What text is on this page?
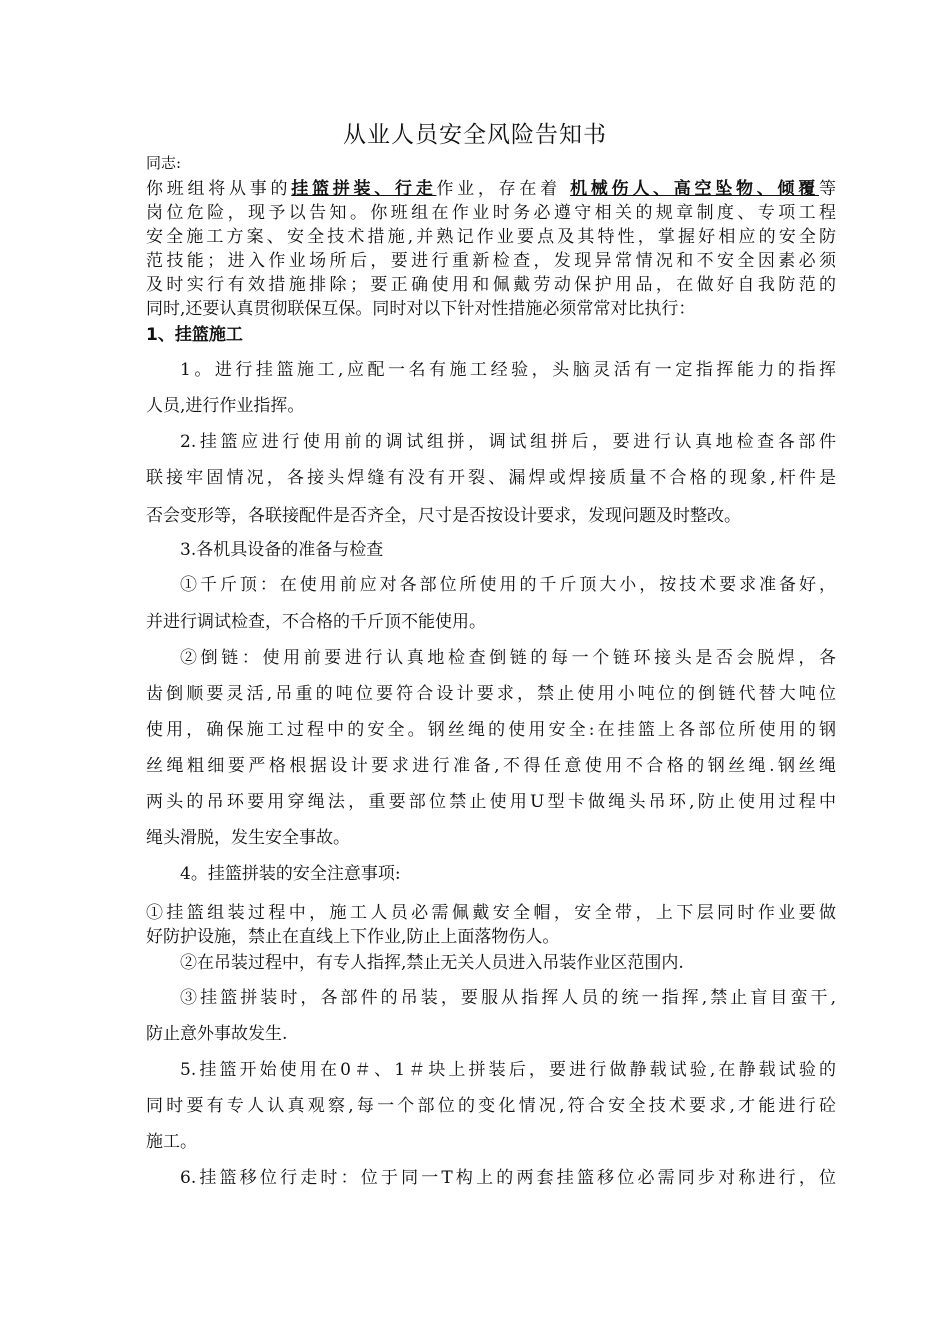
从业人员安全风险告知书

同志:

你班组将从事的挂篮拼装、行走作业，存在着 机械伤人、高空坠物、倾覆等

岗位危险，现予以告知。你班组在作业时务必遵守相关的规章制度、专项工程

安全施工方案、安全技术措施,并熟记作业要点及其特性，掌握好相应的安全防

范技能；进入作业场所后，要进行重新检查，发现异常情况和不安全因素必须

及时实行有效措施排除；要正确使用和佩戴劳动保护用品，在做好自我防范的

同时,还要认真贯彻联保互保。同时对以下针对性措施必须常常对比执行：

1、挂篮施工

1。进行挂篮施工,应配一名有施工经验，头脑灵活有一定指挥能力的指挥

人员,进行作业指挥。

2.挂篮应进行使用前的调试组拼，调试组拼后，要进行认真地检查各部件

联接牢固情况，各接头焊缝有没有开裂、漏焊或焊接质量不合格的现象,杆件是

否会变形等，各联接配件是否齐全，尺寸是否按设计要求，发现问题及时整改。

3.各机具设备的准备与检查

①千斤顶：在使用前应对各部位所使用的千斤顶大小，按技术要求准备好，

并进行调试检查，不合格的千斤顶不能使用。

②倒链：使用前要进行认真地检查倒链的每一个链环接头是否会脱焊，各

齿倒顺要灵活,吊重的吨位要符合设计要求，禁止使用小吨位的倒链代替大吨位

使用，确保施工过程中的安全。钢丝绳的使用安全:在挂篮上各部位所使用的钢

丝绳粗细要严格根据设计要求进行准备,不得任意使用不合格的钢丝绳.钢丝绳

两头的吊环要用穿绳法，重要部位禁止使用U型卡做绳头吊环,防止使用过程中

绳头滑脱，发生安全事故。

4。挂篮拼装的安全注意事项:

①挂篮组装过程中，施工人员必需佩戴安全帽，安全带，上下层同时作业要做

好防护设施，禁止在直线上下作业,防止上面落物伤人。

②在吊装过程中，有专人指挥,禁止无关人员进入吊装作业区范围内.

③挂篮拼装时，各部件的吊装，要服从指挥人员的统一指挥,禁止盲目蛮干,

防止意外事故发生.

5.挂篮开始使用在0＃、1＃块上拼装后，要进行做静载试验,在静载试验的

同时要有专人认真观察,每一个部位的变化情况,符合安全技术要求,才能进行砼

施工。

6.挂篮移位行走时：位于同一T构上的两套挂篮移位必需同步对称进行，位
